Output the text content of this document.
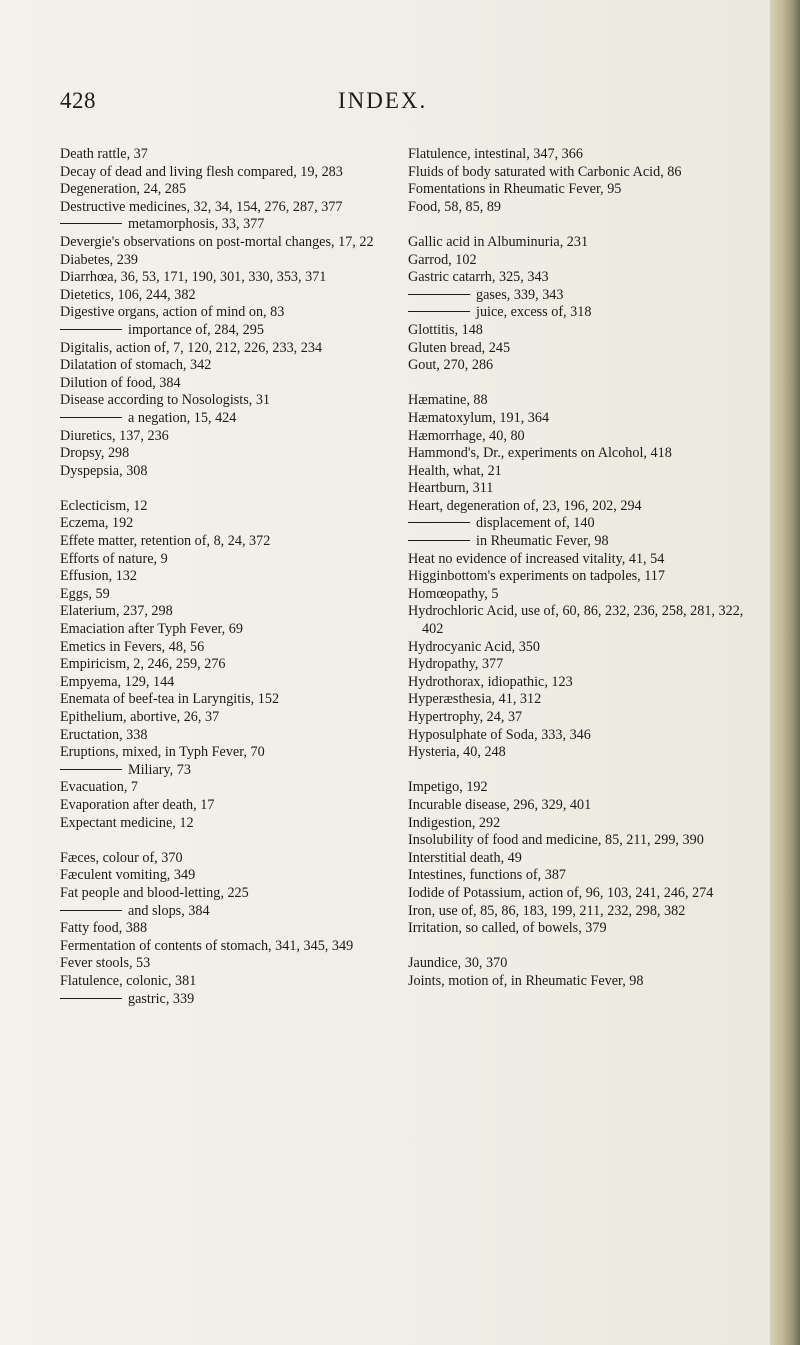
428	INDEX.
Death rattle, 37
Decay of dead and living flesh compared, 19, 283
Degeneration, 24, 285
Destructive medicines, 32, 34, 154, 276, 287, 377
metamorphosis, 33, 377
Devergie's observations on post-mortal changes, 17, 22
Diabetes, 239
Diarrhœa, 36, 53, 171, 190, 301, 330, 353, 371
Dietetics, 106, 244, 382
Digestive organs, action of mind on, 83
importance of, 284, 295
Digitalis, action of, 7, 120, 212, 226, 233, 234
Dilatation of stomach, 342
Dilution of food, 384
Disease according to Nosologists, 31
a negation, 15, 424
Diuretics, 137, 236
Dropsy, 298
Dyspepsia, 308
Eclecticism, 12
Eczema, 192
Effete matter, retention of, 8, 24, 372
Efforts of nature, 9
Effusion, 132
Eggs, 59
Elaterium, 237, 298
Emaciation after Typh Fever, 69
Emetics in Fevers, 48, 56
Empiricism, 2, 246, 259, 276
Empyema, 129, 144
Enemata of beef-tea in Laryngitis, 152
Epithelium, abortive, 26, 37
Eructation, 338
Eruptions, mixed, in Typh Fever, 70
Miliary, 73
Evacuation, 7
Evaporation after death, 17
Expectant medicine, 12
Fæces, colour of, 370
Fæculent vomiting, 349
Fat people and blood-letting, 225
and slops, 384
Fatty food, 388
Fermentation of contents of stomach, 341, 345, 349
Fever stools, 53
Flatulence, colonic, 381
gastric, 339
Flatulence, intestinal, 347, 366
Fluids of body saturated with Carbonic Acid, 86
Fomentations in Rheumatic Fever, 95
Food, 58, 85, 89
Gallic acid in Albuminuria, 231
Garrod, 102
Gastric catarrh, 325, 343
gases, 339, 343
juice, excess of, 318
Glottitis, 148
Gluten bread, 245
Gout, 270, 286
Hæmatine, 88
Hæmatoxylum, 191, 364
Hæmorrhage, 40, 80
Hammond's, Dr., experiments on Alcohol, 418
Health, what, 21
Heartburn, 311
Heart, degeneration of, 23, 196, 202, 294
displacement of, 140
in Rheumatic Fever, 98
Heat no evidence of increased vitality, 41, 54
Higginbottom's experiments on tadpoles, 117
Homœopathy, 5
Hydrochloric Acid, use of, 60, 86, 232, 236, 258, 281, 322, 402
Hydrocyanic Acid, 350
Hydropathy, 377
Hydrothorax, idiopathic, 123
Hyperæsthesia, 41, 312
Hypertrophy, 24, 37
Hyposulphate of Soda, 333, 346
Hysteria, 40, 248
Impetigo, 192
Incurable disease, 296, 329, 401
Indigestion, 292
Insolubility of food and medicine, 85, 211, 299, 390
Interstitial death, 49
Intestines, functions of, 387
Iodide of Potassium, action of, 96, 103, 241, 246, 274
Iron, use of, 85, 86, 183, 199, 211, 232, 298, 382
Irritation, so called, of bowels, 379
Jaundice, 30, 370
Joints, motion of, in Rheumatic Fever, 98
